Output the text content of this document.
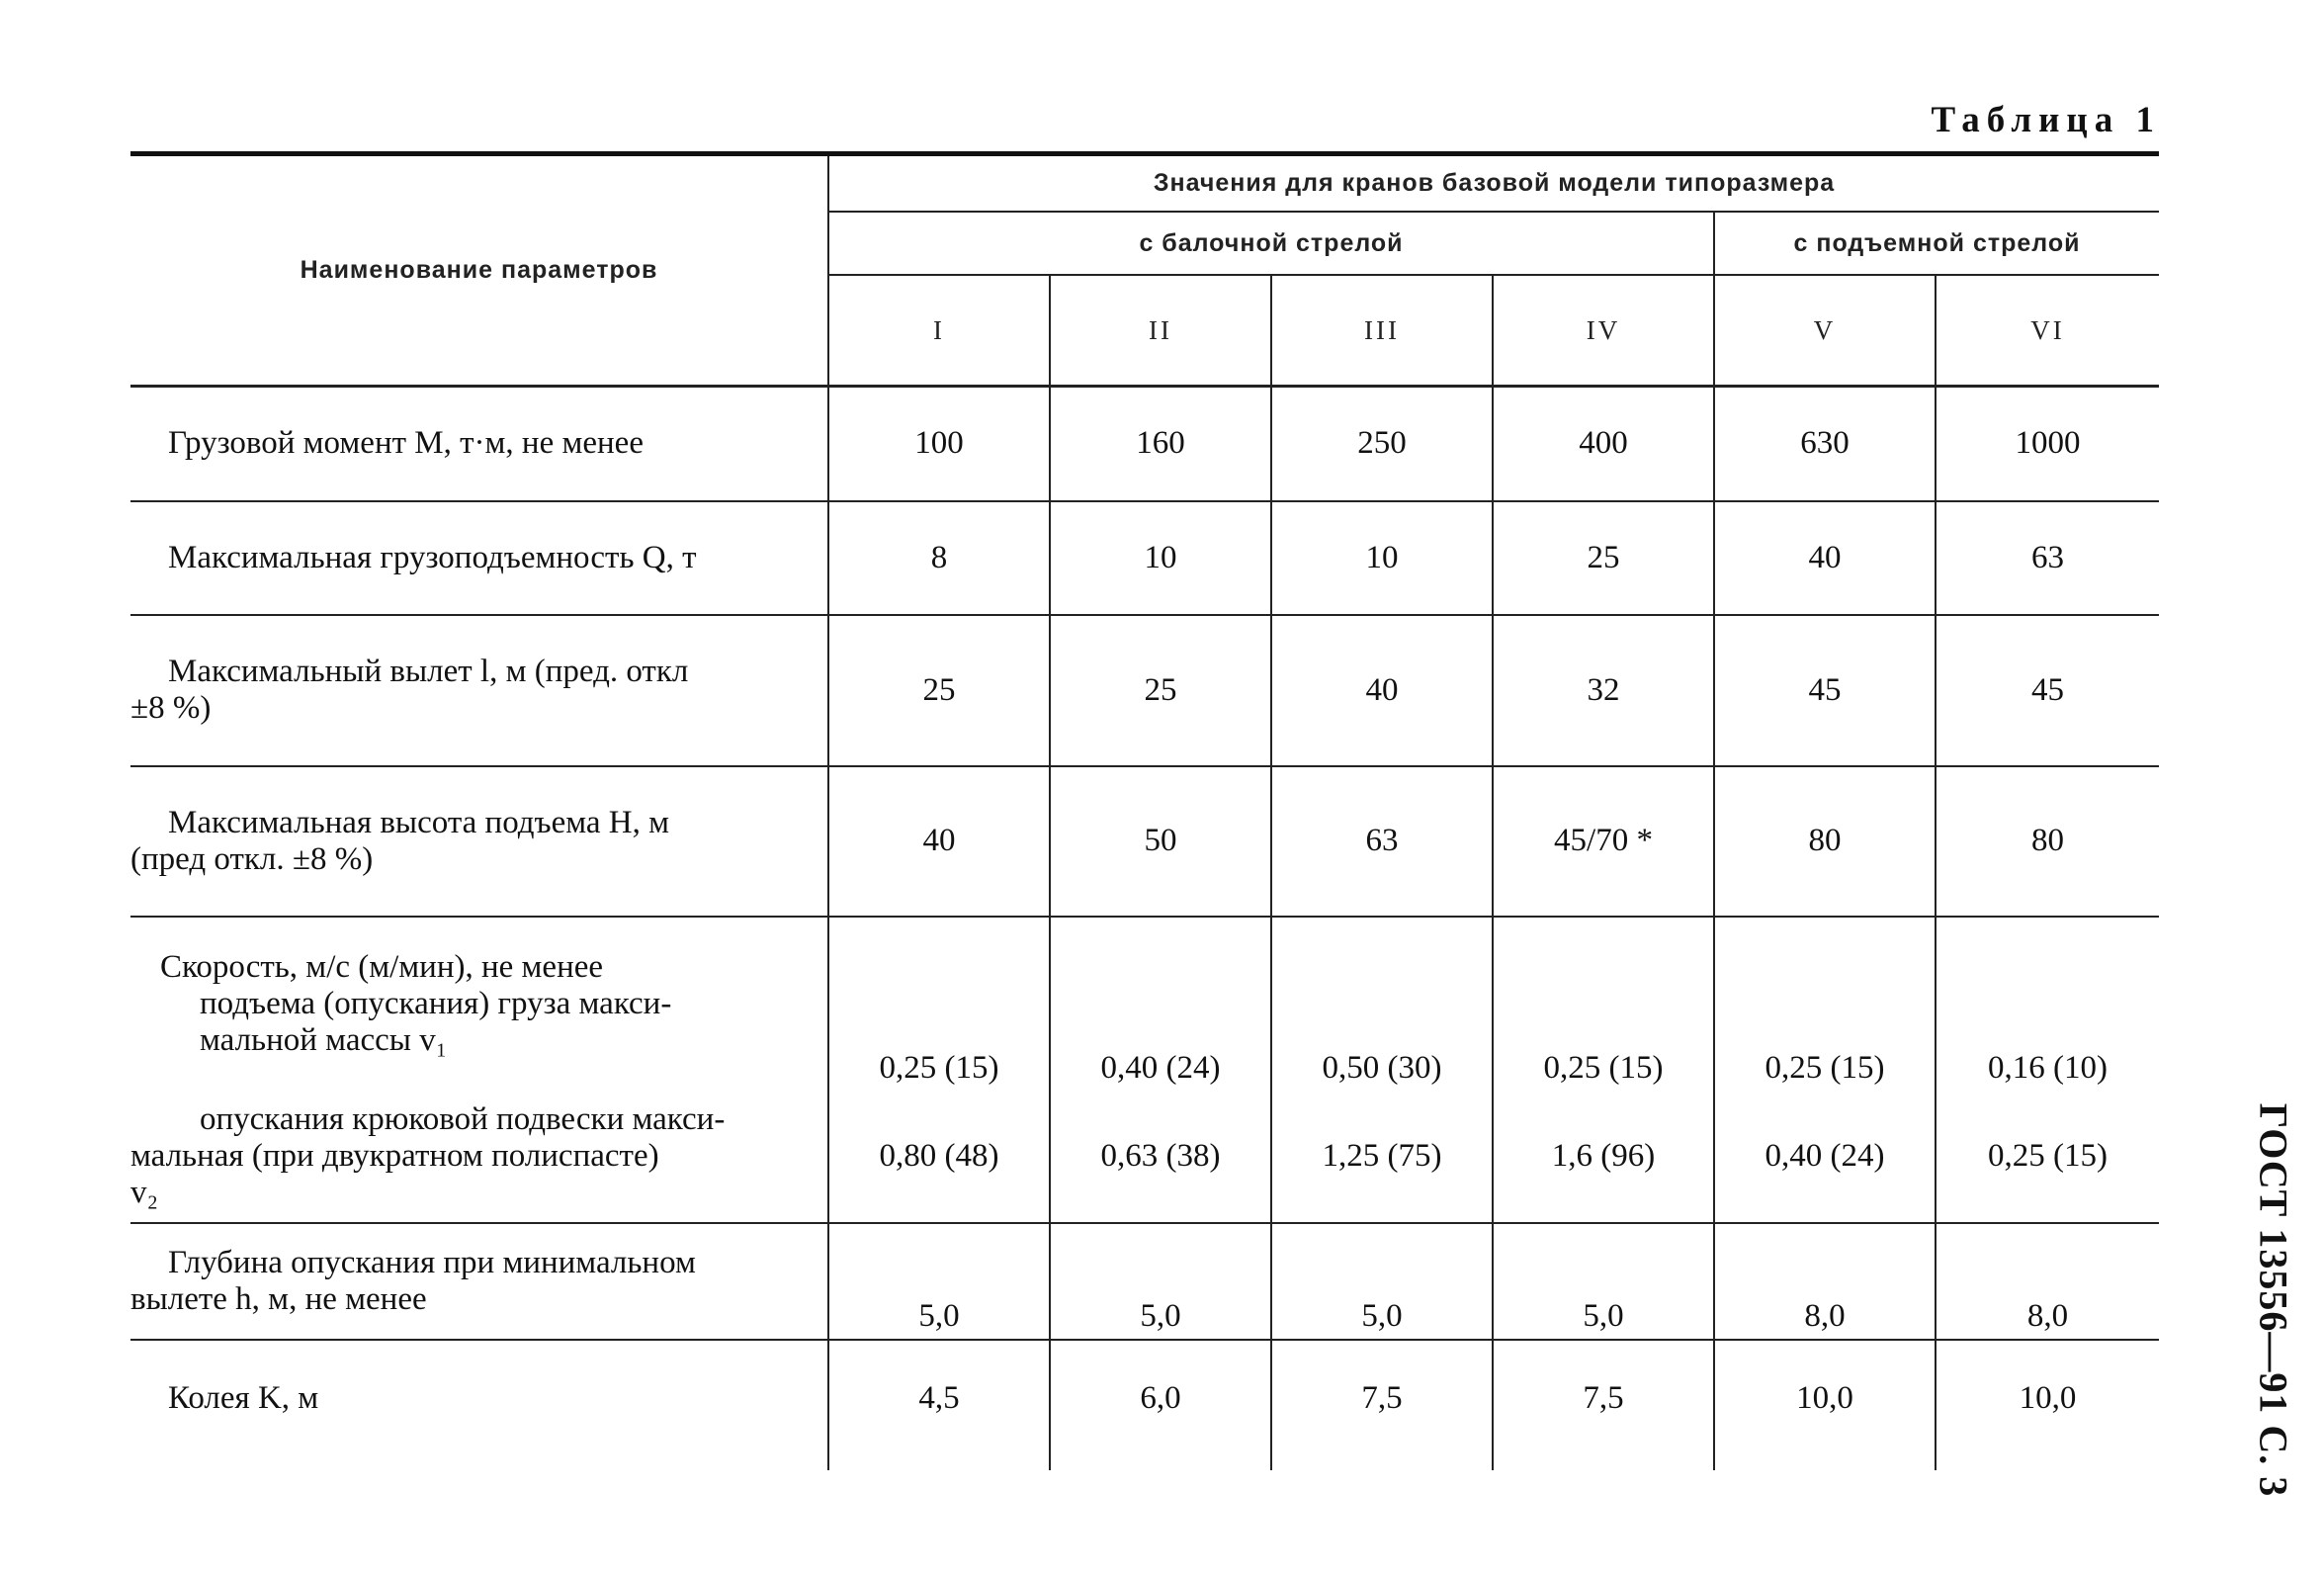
Таблица 1
ГОСТ 13556—91 С. 3
Наименование параметров	Значения для кранов базовой модели типоразмера					
	с балочной стрелой				с подъемной стрелой	
	I	II	III	IV	V	VI

Грузовой момент M, т·м, не менее	100	160	250	400	630	1000

Максимальная грузоподъемность Q, т	8	10	10	25	40	63

Максимальный вылет l, м (пред. откл
±8 %)	25	25	40	32	45	45

Максимальная высота подъема H, м
(пред откл. ±8 %)	40	50	63	45/70 *	80	80

Скорость, м/с (м/мин), не менее
подъема (опускания) груза макси-
мальной массы v₁	0,25 (15)	0,40 (24)	0,50 (30)	0,25 (15)	0,25 (15)	0,16 (10)

опускания крюковой подвески макси-
мальная (при двукратном полиспасте)
v₂	0,80 (48)	0,63 (38)	1,25 (75)	1,6 (96)	0,40 (24)	0,25 (15)

Глубина опускания при минимальном
вылете h, м, не менее	5,0	5,0	5,0	5,0	8,0	8,0

Колея K, м	4,5	6,0	7,5	7,5	10,0	10,0
